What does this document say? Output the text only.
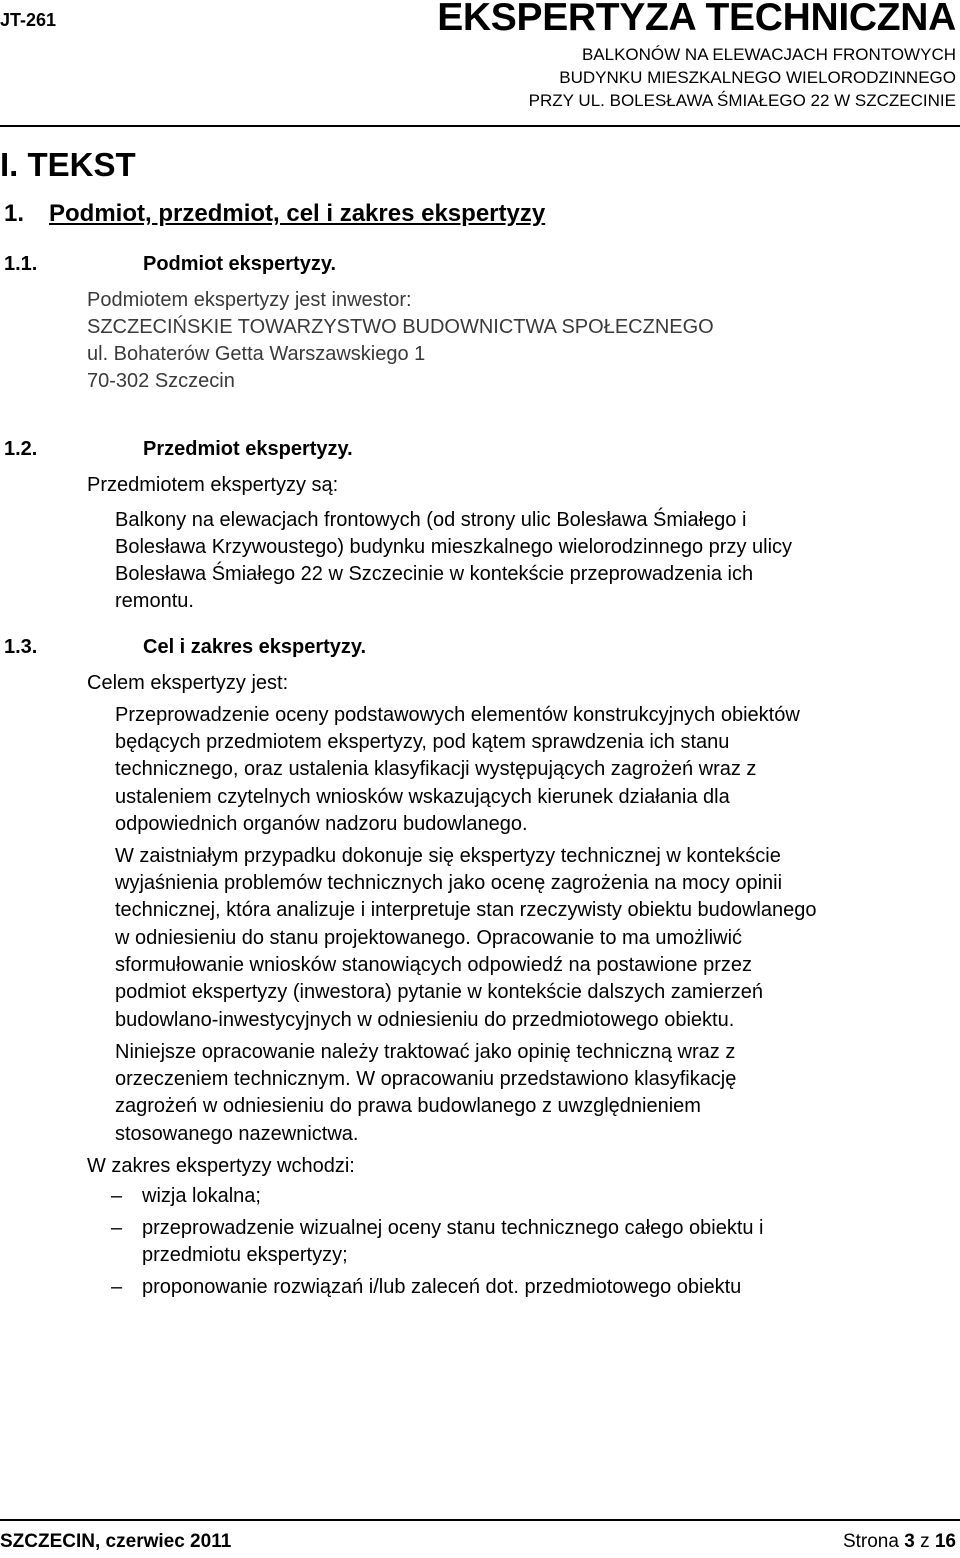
JT-261	EKSPERTYZA TECHNICZNA
BALKONÓW NA ELEWACJACH FRONTOWYCH
BUDYNKU MIESZKALNEGO WIELORODZINNEGO
PRZY UL. BOLESŁAWA ŚMIAŁEGO 22 W SZCZECINIE
I. TEKST
1. Podmiot, przedmiot, cel i zakres ekspertyzy
1.1.	Podmiot ekspertyzy.
Podmiotem ekspertyzy jest inwestor:
SZCZECIŃSKIE TOWARZYSTWO BUDOWNICTWA SPOŁECZNEGO
ul. Bohaterów Getta Warszawskiego 1
70-302 Szczecin
1.2.	Przedmiot ekspertyzy.
Przedmiotem ekspertyzy są:
Balkony na elewacjach frontowych (od strony ulic Bolesława Śmiałego i
Bolesława Krzywoustego) budynku mieszkalnego wielorodzinnego przy ulicy
Bolesława Śmiałego 22 w Szczecinie w kontekście przeprowadzenia ich
remontu.
1.3.	Cel i zakres ekspertyzy.
Celem ekspertyzy jest:
Przeprowadzenie oceny podstawowych elementów konstrukcyjnych obiektów
będących przedmiotem ekspertyzy, pod kątem sprawdzenia ich stanu
technicznego, oraz ustalenia klasyfikacji występujących zagrożeń wraz z
ustaleniem czytelnych wniosków wskazujących kierunek działania dla
odpowiednich organów nadzoru budowlanego.
W zaistniałym przypadku dokonuje się ekspertyzy technicznej w kontekście
wyjaśnienia problemów technicznych jako ocenę zagrożenia na mocy opinii
technicznej, która analizuje i interpretuje stan rzeczywisty obiektu budowlanego
w odniesieniu do stanu projektowanego. Opracowanie to ma umożliwić
sformułowanie wniosków stanowiących odpowiedź na postawione przez
podmiot ekspertyzy (inwestora) pytanie w kontekście dalszych zamierzeń
budowlano-inwestycyjnych w odniesieniu do przedmiotowego obiektu.
Niniejsze opracowanie należy traktować jako opinię techniczną wraz z
orzeczeniem technicznym. W opracowaniu przedstawiono klasyfikację
zagrożeń w odniesieniu do prawa budowlanego z uwzględnieniem
stosowanego nazewnictwa.
W zakres ekspertyzy wchodzi:
– wizja lokalna;
– przeprowadzenie wizualnej oceny stanu technicznego całego obiektu i
przedmiotu ekspertyzy;
– proponowanie rozwiązań i/lub zaleceń dot. przedmiotowego obiektu
SZCZECIN, czerwiec 2011	Strona 3 z 16
